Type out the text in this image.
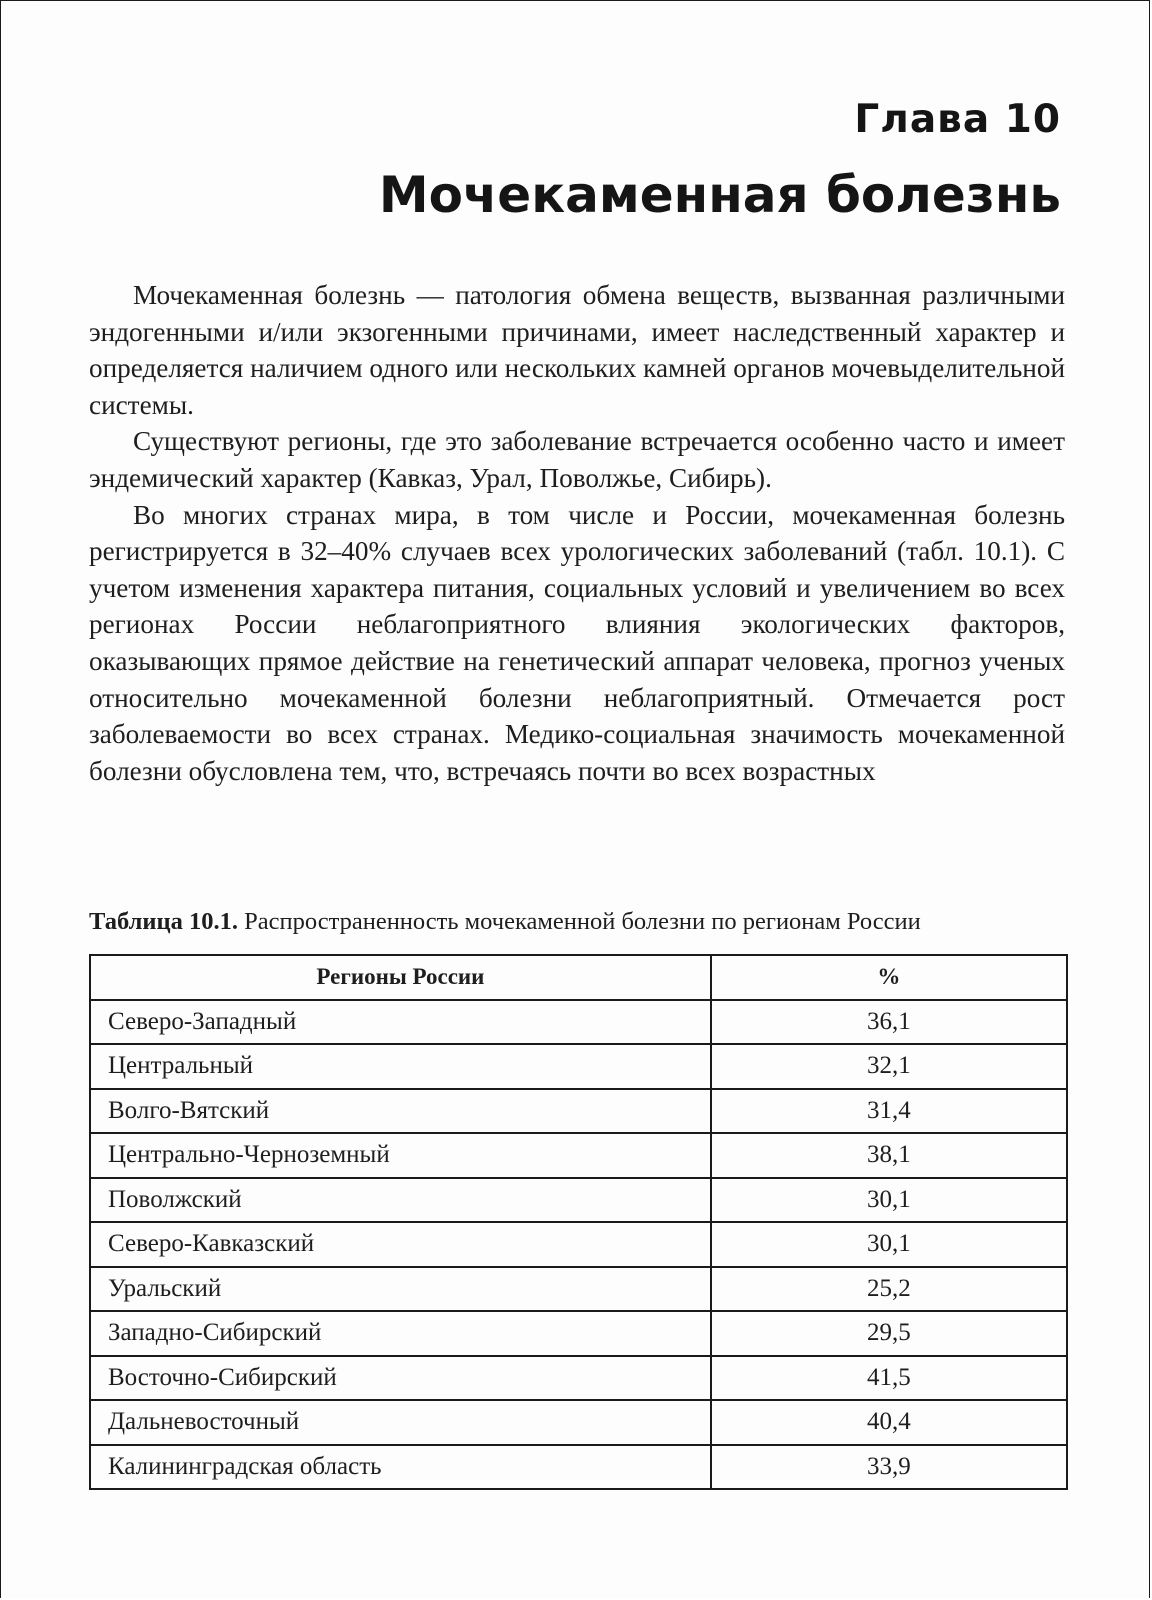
Глава 10
Мочекаменная болезнь

Мочекаменная болезнь — патология обмена веществ, вызванная различными эндогенными и/или экзогенными причинами, имеет наследственный характер и определяется наличием одного или нескольких камней органов мочевыделительной системы.

Существуют регионы, где это заболевание встречается особенно часто и имеет эндемический характер (Кавказ, Урал, Поволжье, Сибирь).

Во многих странах мира, в том числе и России, мочекаменная болезнь регистрируется в 32–40% случаев всех урологических заболеваний (табл. 10.1). С учетом изменения характера питания, социальных условий и увеличением во всех регионах России неблагоприятного влияния экологических факторов, оказывающих прямое действие на генетический аппарат человека, прогноз ученых относительно мочекаменной болезни неблагоприятный. Отмечается рост заболеваемости во всех странах. Медико-социальная значимость мочекаменной болезни обусловлена тем, что, встречаясь почти во всех возрастных

Таблица 10.1. Распространенность мочекаменной болезни по регионам России
Регионы России	%
Северо-Западный	36,1
Центральный	32,1
Волго-Вятский	31,4
Центрально-Черноземный	38,1
Поволжский	30,1
Северо-Кавказский	30,1
Уральский	25,2
Западно-Сибирский	29,5
Восточно-Сибирский	41,5
Дальневосточный	40,4
Калининградская область	33,9
